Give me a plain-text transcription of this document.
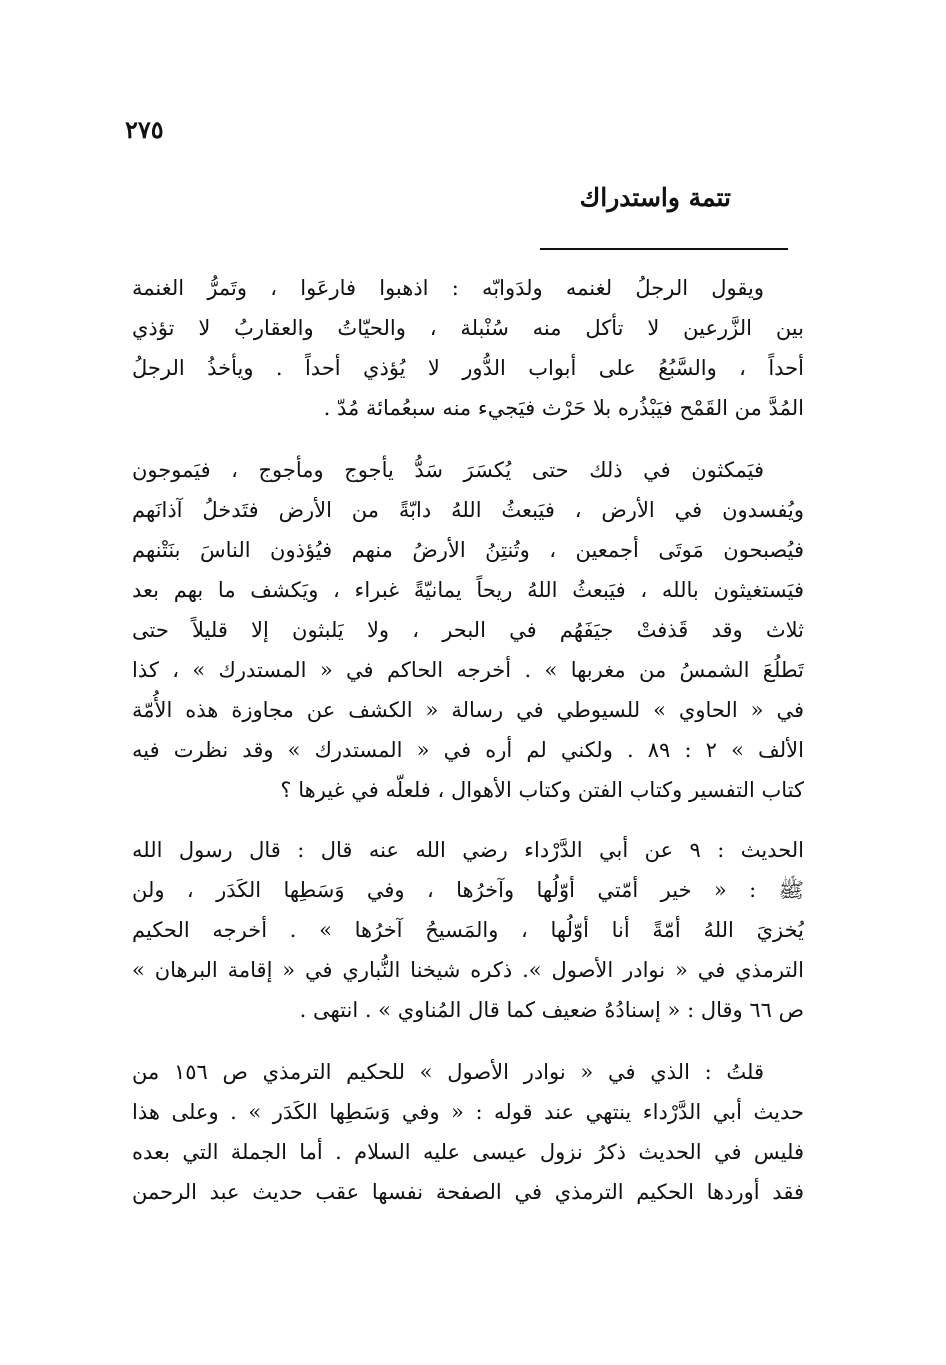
٢٧٥
تتمة واستدراك
ويقول الرجلُ لغنمه ولدَوابّه : اذهبوا فارعَوا ، وتَمرُّ الغنمة
بين الزَّرعين لا تأكل منه سُنْبلة ، والحيّاتُ والعقاربُ لا تؤذي
أحداً ، والسَّبُعُ على أبواب الدُّور لا يُؤذي أحداً . ويأخذُ الرجلُ
المُدَّ من القَمْح فيَبْذُره بلا حَرْث فيَجيء منه سبعُمائة مُدّ .
فيَمكثون في ذلك حتى يُكسَرَ سَدُّ يأجوج ومأجوج ، فيَموجون
ويُفسدون في الأرض ، فيَبعثُ اللهُ دابّةً من الأرض فتَدخلُ آذانَهم
فيُصبحون مَوتَى أجمعين ، وتُنتِنُ الأرضُ منهم فيُؤذون الناسَ بنَتْنهم
فيَستغيثون بالله ، فيَبعثُ اللهُ ريحاً يمانيّةً غبراء ، ويَكشف ما بهم بعد
ثلاث وقد قَذفتْ جيَفَهُم في البحر ، ولا يَلبثون إلا قليلاً حتى
تَطلُعَ الشمسُ من مغربها » . أخرجه الحاكم في « المستدرك » ، كذا
في « الحاوي » للسيوطي في رسالة « الكشف عن مجاوزة هذه الأُمّة
الألف » ٢ : ٨٩ . ولكني لم أره في « المستدرك » وقد نظرت فيه
كتاب التفسير وكتاب الفتن وكتاب الأهوال ، فلعلّه في غيرها ؟
الحديث : ٩ عن أبي الدَّرْداء رضي الله عنه قال : قال رسول الله
ﷺ : « خير أمّتي أوّلُها وآخرُها ، وفي وَسَطِها الكَدَر ، ولن
يُخزيَ اللهُ أمّةً أنا أوّلُها ، والمَسيحُ آخرُها » . أخرجه الحكيم
الترمذي في « نوادر الأصول ». ذكره شيخنا النُّباري في « إقامة البرهان »
ص ٦٦ وقال : « إسنادُهُ ضعيف كما قال المُناوي » . انتهى .
قلتُ : الذي في « نوادر الأصول » للحكيم الترمذي ص ١٥٦ من
حديث أبي الدَّرْداء ينتهي عند قوله : « وفي وَسَطِها الكَدَر » . وعلى هذا
فليس في الحديث ذكرُ نزول عيسى عليه السلام . أما الجملة التي بعده
فقد أوردها الحكيم الترمذي في الصفحة نفسها عقب حديث عبد الرحمن
